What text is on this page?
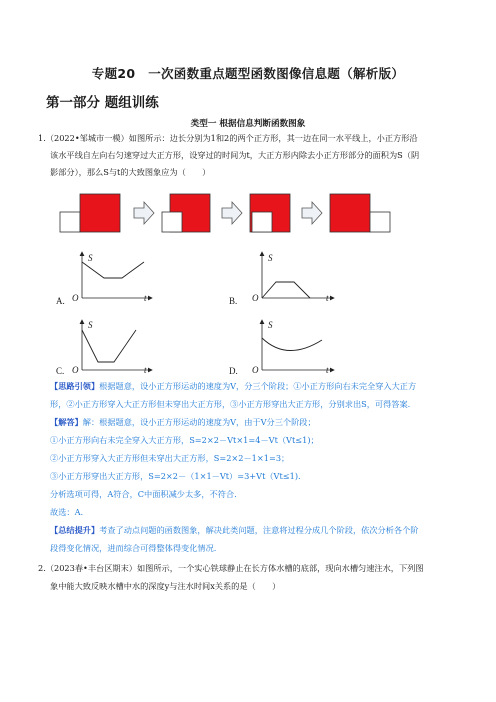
专题20　一次函数重点题型函数图像信息题（解析版）
第一部分 题组训练
类型一 根据信息判断函数图象
1.（2022•邹城市一模）如图所示：边长分别为1和2的两个正方形，其一边在同一水平线上，小正方形沿
该水平线自左向右匀速穿过大正方形，设穿过的时间为t，大正方形内除去小正方形部分的面积为S（阴
影部分），那么S与t的大致图象应为（　　）
S
t
O
A.
S
t
O
B.
S
t
O
C.
S
t
O
D.
【思路引领】根据题意，设小正方形运动的速度为V，分三个阶段；①小正方形向右未完全穿入大正方
形，②小正方形穿入大正方形但未穿出大正方形，③小正方形穿出大正方形，分别求出S，可得答案.
【解答】解：根据题意，设小正方形运动的速度为V，由于V分三个阶段；
①小正方形向右未完全穿入大正方形，S=2×2－Vt×1=4－Vt（Vt≤1)；
②小正方形穿入大正方形但未穿出大正方形，S=2×2－1×1=3；
③小正方形穿出大正方形，S=2×2－（1×1－Vt）=3+Vt（Vt≤1).
分析选项可得，A符合，C中面积减少太多，不符合.
故选：A.
【总结提升】考查了动点问题的函数图象，解决此类问题，注意将过程分成几个阶段，依次分析各个阶
段得变化情况，进而综合可得整体得变化情况.
2.（2023春•丰台区期末）如图所示，一个实心铁球静止在长方体水槽的底部，现向水槽匀速注水，下列图
象中能大致反映水槽中水的深度y与注水时间x关系的是（　　）
